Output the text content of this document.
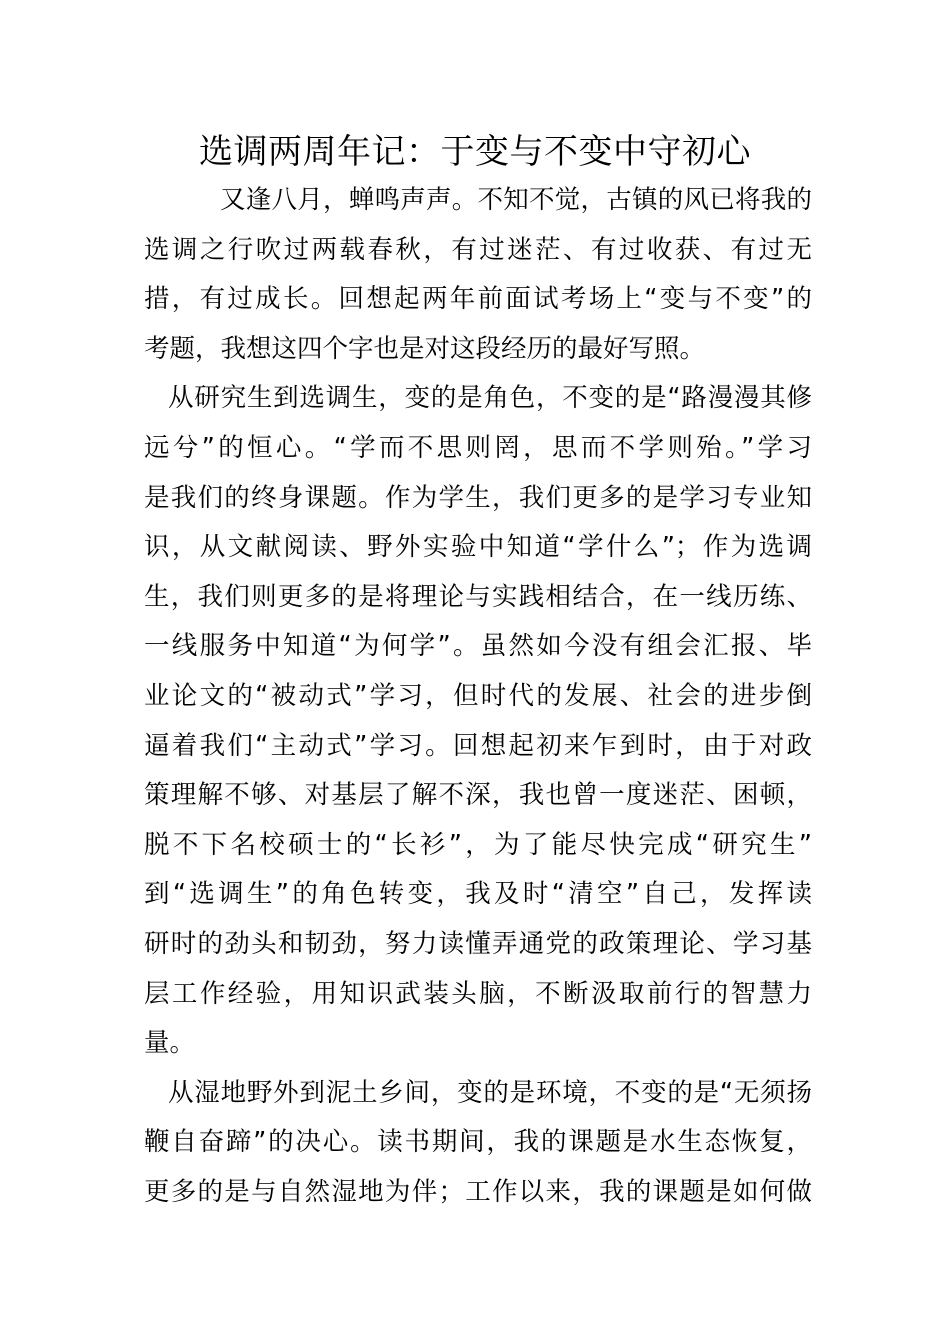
选调两周年记：于变与不变中守初心
又逢八月，蝉鸣声声。不知不觉，古镇的风已将我的
选调之行吹过两载春秋，有过迷茫、有过收获、有过无
措，有过成长。回想起两年前面试考场上“变与不变”的
考题，我想这四个字也是对这段经历的最好写照。
从研究生到选调生，变的是角色，不变的是“路漫漫其修
远兮”的恒心。“学而不思则罔，思而不学则殆。”学习
是我们的终身课题。作为学生，我们更多的是学习专业知
识，从文献阅读、野外实验中知道“学什么”；作为选调
生，我们则更多的是将理论与实践相结合，在一线历练、
一线服务中知道“为何学”。虽然如今没有组会汇报、毕
业论文的“被动式”学习，但时代的发展、社会的进步倒
逼着我们“主动式”学习。回想起初来乍到时，由于对政
策理解不够、对基层了解不深，我也曾一度迷茫、困顿，
脱不下名校硕士的“长衫”，为了能尽快完成“研究生”
到“选调生”的角色转变，我及时“清空”自己，发挥读
研时的劲头和韧劲，努力读懂弄通党的政策理论、学习基
层工作经验，用知识武装头脑，不断汲取前行的智慧力
量。
从湿地野外到泥土乡间，变的是环境，不变的是“无须扬
鞭自奋蹄”的决心。读书期间，我的课题是水生态恢复，
更多的是与自然湿地为伴；工作以来，我的课题是如何做
